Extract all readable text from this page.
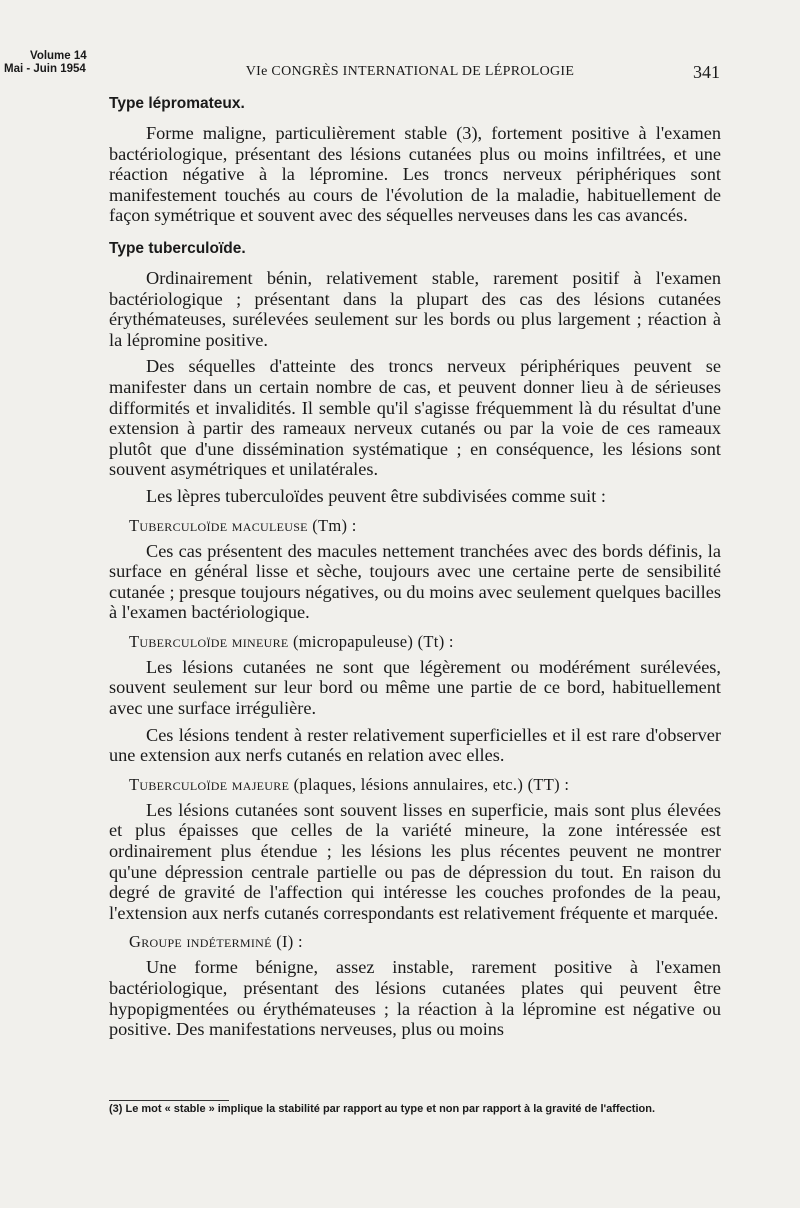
Volume 14
Mai - Juin 1954	VIe CONGRÈS INTERNATIONAL DE LÉPROLOGIE	341
Type lépromateux.

Forme maligne, particulièrement stable (3), fortement positive à l'examen bactériologique, présentant des lésions cutanées plus ou moins infiltrées, et une réaction négative à la lépromine. Les troncs nerveux périphériques sont manifestement touchés au cours de l'évolution de la maladie, habituellement de façon symétrique et souvent avec des séquelles nerveuses dans les cas avancés.

Type tuberculoïde.

Ordinairement bénin, relativement stable, rarement positif à l'examen bactériologique ; présentant dans la plupart des cas des lésions cutanées érythémateuses, surélevées seulement sur les bords ou plus largement ; réaction à la lépromine positive.

Des séquelles d'atteinte des troncs nerveux périphériques peuvent se manifester dans un certain nombre de cas, et peuvent donner lieu à de sérieuses difformités et invalidités. Il semble qu'il s'agisse fréquemment là du résultat d'une extension à partir des rameaux nerveux cutanés ou par la voie de ces rameaux plutôt que d'une dissémination systématique ; en conséquence, les lésions sont souvent asymétriques et unilatérales.

Les lèpres tuberculoïdes peuvent être subdivisées comme suit :

Tuberculoïde maculeuse (Tm) :

Ces cas présentent des macules nettement tranchées avec des bords définis, la surface en général lisse et sèche, toujours avec une certaine perte de sensibilité cutanée ; presque toujours négatives, ou du moins avec seulement quelques bacilles à l'examen bactériologique.

Tuberculoïde mineure (micropapuleuse) (Tt) :

Les lésions cutanées ne sont que légèrement ou modérément surélevées, souvent seulement sur leur bord ou même une partie de ce bord, habituellement avec une surface irrégulière.

Ces lésions tendent à rester relativement superficielles et il est rare d'observer une extension aux nerfs cutanés en relation avec elles.

Tuberculoïde majeure (plaques, lésions annulaires, etc.) (TT) :

Les lésions cutanées sont souvent lisses en superficie, mais sont plus élevées et plus épaisses que celles de la variété mineure, la zone intéressée est ordinairement plus étendue ; les lésions les plus récentes peuvent ne montrer qu'une dépression centrale partielle ou pas de dépression du tout. En raison du degré de gravité de l'affection qui intéresse les couches profondes de la peau, l'extension aux nerfs cutanés correspondants est relativement fréquente et marquée.

Groupe indéterminé (I) :

Une forme bénigne, assez instable, rarement positive à l'examen bactériologique, présentant des lésions cutanées plates qui peuvent être hypopigmentées ou érythémateuses ; la réaction à la lépromine est négative ou positive. Des manifestations nerveuses, plus ou moins

(3) Le mot « stable » implique la stabilité par rapport au type et non par rapport à la gravité de l'affection.
